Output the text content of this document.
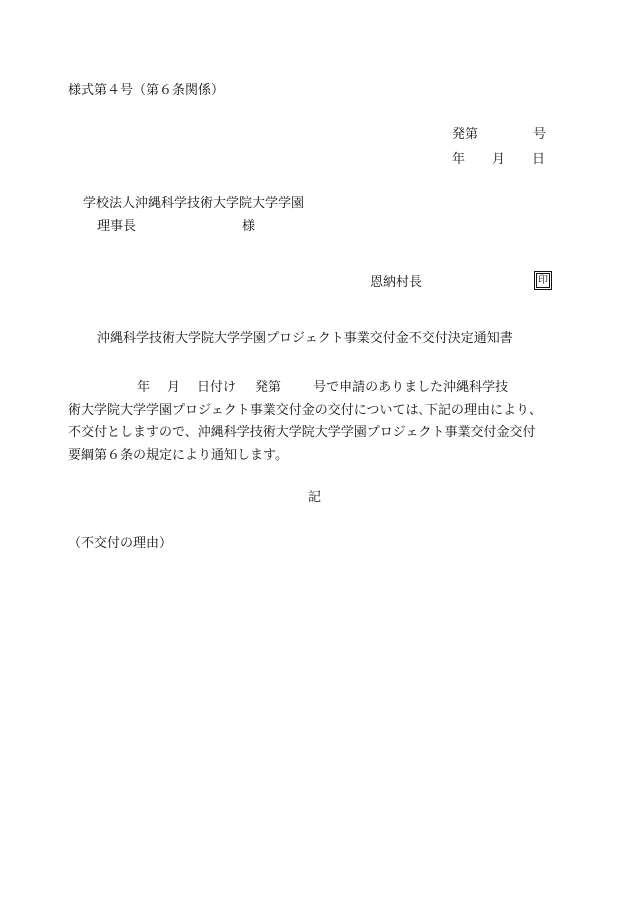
様式第４号（第６条関係）
発第	号
年 月 日
学校法人沖縄科学技術大学院大学学園
理事長	様
恩納村長	印
沖縄科学技術大学院大学学園プロジェクト事業交付金不交付決定通知書
年 月 日付け 発第 号で申請のありました沖縄科学技
術大学院大学学園プロジェクト事業交付金の交付については､下記の理由により、
不交付としますので、沖縄科学技術大学院大学学園プロジェクト事業交付金交付
要綱第６条の規定により通知します。
記
（不交付の理由）
